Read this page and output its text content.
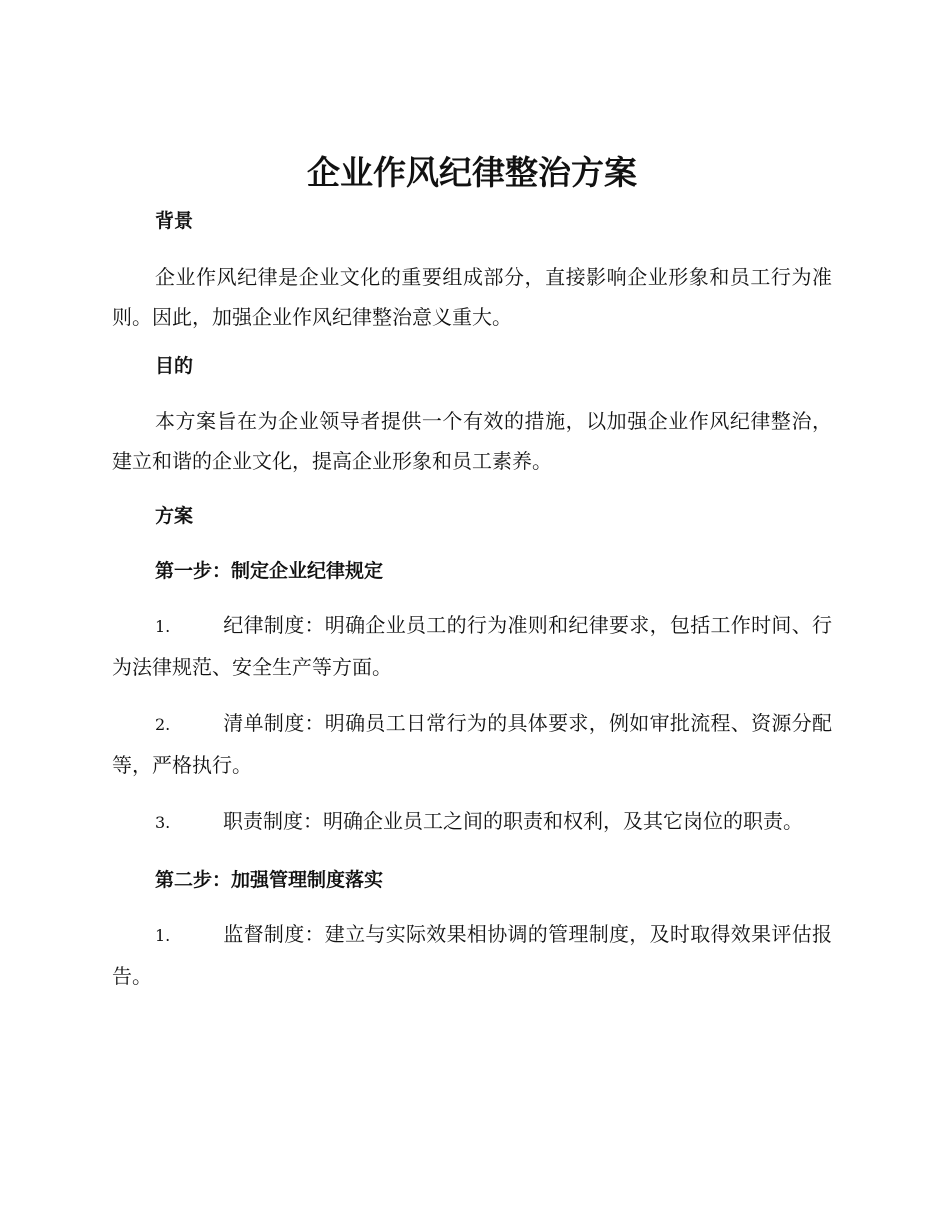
企业作风纪律整治方案
背景

企业作风纪律是企业文化的重要组成部分，直接影响企业形象和员工行为准则。因此，加强企业作风纪律整治意义重大。

目的

本方案旨在为企业领导者提供一个有效的措施，以加强企业作风纪律整治，建立和谐的企业文化，提高企业形象和员工素养。

方案
第一步：制定企业纪律规定

1.	纪律制度：明确企业员工的行为准则和纪律要求，包括工作时间、行为法律规范、安全生产等方面。

2.	清单制度：明确员工日常行为的具体要求，例如审批流程、资源分配等，严格执行。

3.	职责制度：明确企业员工之间的职责和权利，及其它岗位的职责。

第二步：加强管理制度落实

1.	监督制度：建立与实际效果相协调的管理制度，及时取得效果评估报告。
